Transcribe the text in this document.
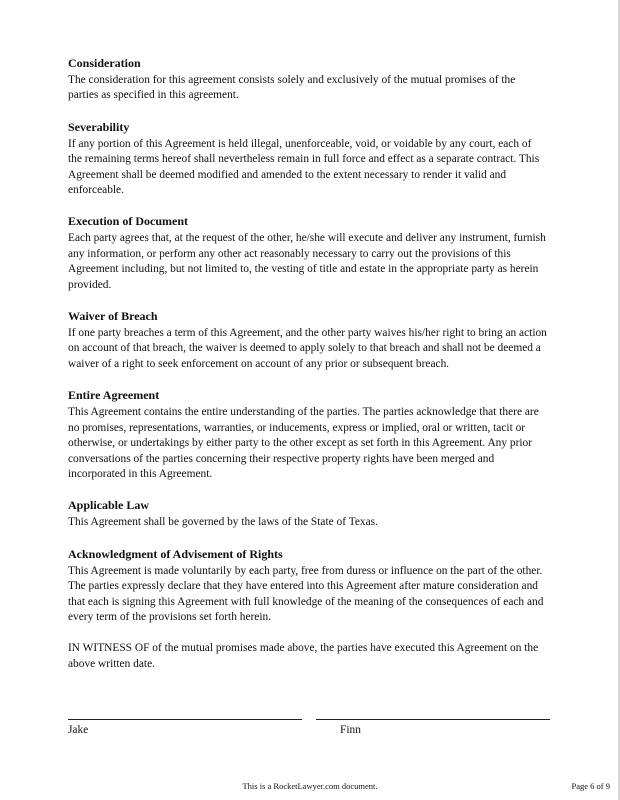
Consideration

The consideration for this agreement consists solely and exclusively of the mutual promises of the parties as specified in this agreement.

Severability

If any portion of this Agreement is held illegal, unenforceable, void, or voidable by any court, each of the remaining terms hereof shall nevertheless remain in full force and effect as a separate contract. This Agreement shall be deemed modified and amended to the extent necessary to render it valid and enforceable.

Execution of Document

Each party agrees that, at the request of the other, he/she will execute and deliver any instrument, furnish any information, or perform any other act reasonably necessary to carry out the provisions of this Agreement including, but not limited to, the vesting of title and estate in the appropriate party as herein provided.

Waiver of Breach

If one party breaches a term of this Agreement, and the other party waives his/her right to bring an action on account of that breach, the waiver is deemed to apply solely to that breach and shall not be deemed a waiver of a right to seek enforcement on account of any prior or subsequent breach.

Entire Agreement

This Agreement contains the entire understanding of the parties. The parties acknowledge that there are no promises, representations, warranties, or inducements, express or implied, oral or written, tacit or otherwise, or undertakings by either party to the other except as set forth in this Agreement. Any prior conversations of the parties concerning their respective property rights have been merged and incorporated in this Agreement.

Applicable Law

This Agreement shall be governed by the laws of the State of Texas.

Acknowledgment of Advisement of Rights

This Agreement is made voluntarily by each party, free from duress or influence on the part of the other. The parties expressly declare that they have entered into this Agreement after mature consideration and that each is signing this Agreement with full knowledge of the meaning of the consequences of each and every term of the provisions set forth herein.

IN WITNESS OF of the mutual promises made above, the parties have executed this Agreement on the above written date.

Jake	Finn
This is a RocketLawyer.com document.	Page 6 of 9
